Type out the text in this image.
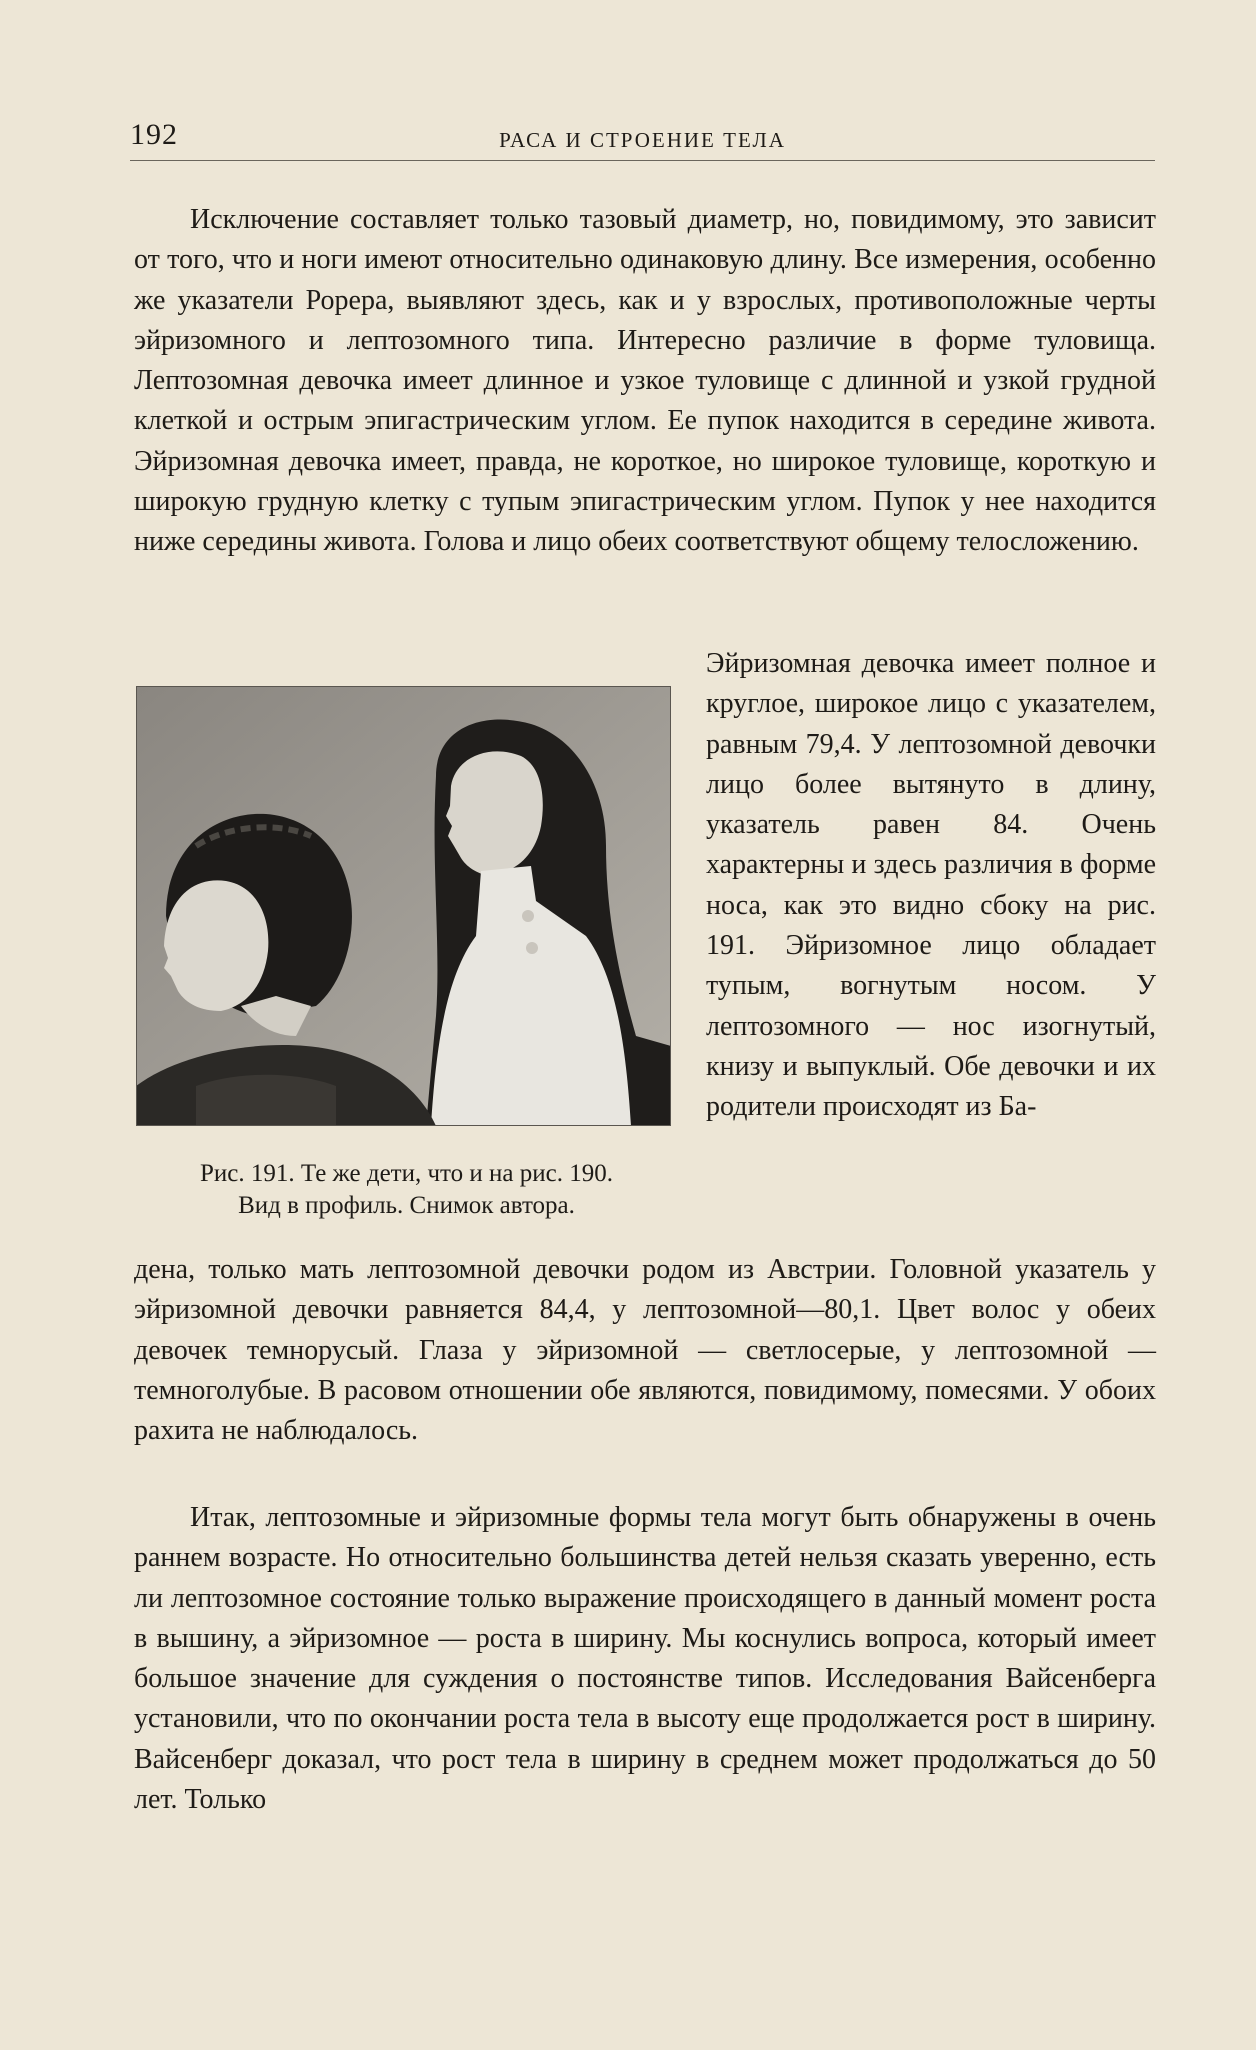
192	РАСА И СТРОЕНИЕ ТЕЛА

Исключение составляет только тазовый диаметр, но, повидимому, это зависит от того, что и ноги имеют относительно одинаковую длину. Все измерения, особенно же указатели Рорера, выявляют здесь, как и у взрослых, противоположные черты эйризомного и лептозомного типа. Интересно различие в форме туловища. Лептозомная девочка имеет длинное и узкое туловище с длинной и узкой грудной клеткой и острым эпигастрическим углом. Ее пупок находится в середине живота. Эйризомная девочка имеет, правда, не короткое, но широкое туловище, короткую и широкую грудную клетку с тупым эпигастрическим углом. Пупок у нее находится ниже середины живота. Голова и лицо обеих соответствуют общему телосложению.

Рис. 191. Те же дети, что и на рис. 190.
Вид в профиль. Снимок автора.

Эйризомная девочка имеет полное и круглое, широкое лицо с указателем, равным 79,4. У лептозомной девочки лицо более вытянуто в длину, указатель равен 84. Очень характерны и здесь различия в форме носа, как это видно сбоку на рис. 191. Эйризомное лицо обладает тупым, вогнутым носом. У лептозомного — нос изогнутый, книзу и выпуклый. Обе девочки и их родители происходят из Ба-

дена, только мать лептозомной девочки родом из Австрии. Головной указатель у эйризомной девочки равняется 84,4, у лептозомной—80,1. Цвет волос у обеих девочек темнорусый. Глаза у эйризомной — светлосерые, у лептозомной — темноголубые. В расовом отношении обе являются, повидимому, помесями. У обоих рахита не наблюдалось.

Итак, лептозомные и эйризомные формы тела могут быть обнаружены в очень раннем возрасте. Но относительно большинства детей нельзя сказать уверенно, есть ли лептозомное состояние только выражение происходящего в данный момент роста в вышину, а эйризомное — роста в ширину. Мы коснулись вопроса, который имеет большое значение для суждения о постоянстве типов. Исследования Вайсенберга установили, что по окончании роста тела в высоту еще продолжается рост в ширину. Вайсенберг доказал, что рост тела в ширину в среднем может продолжаться до 50 лет. Только
